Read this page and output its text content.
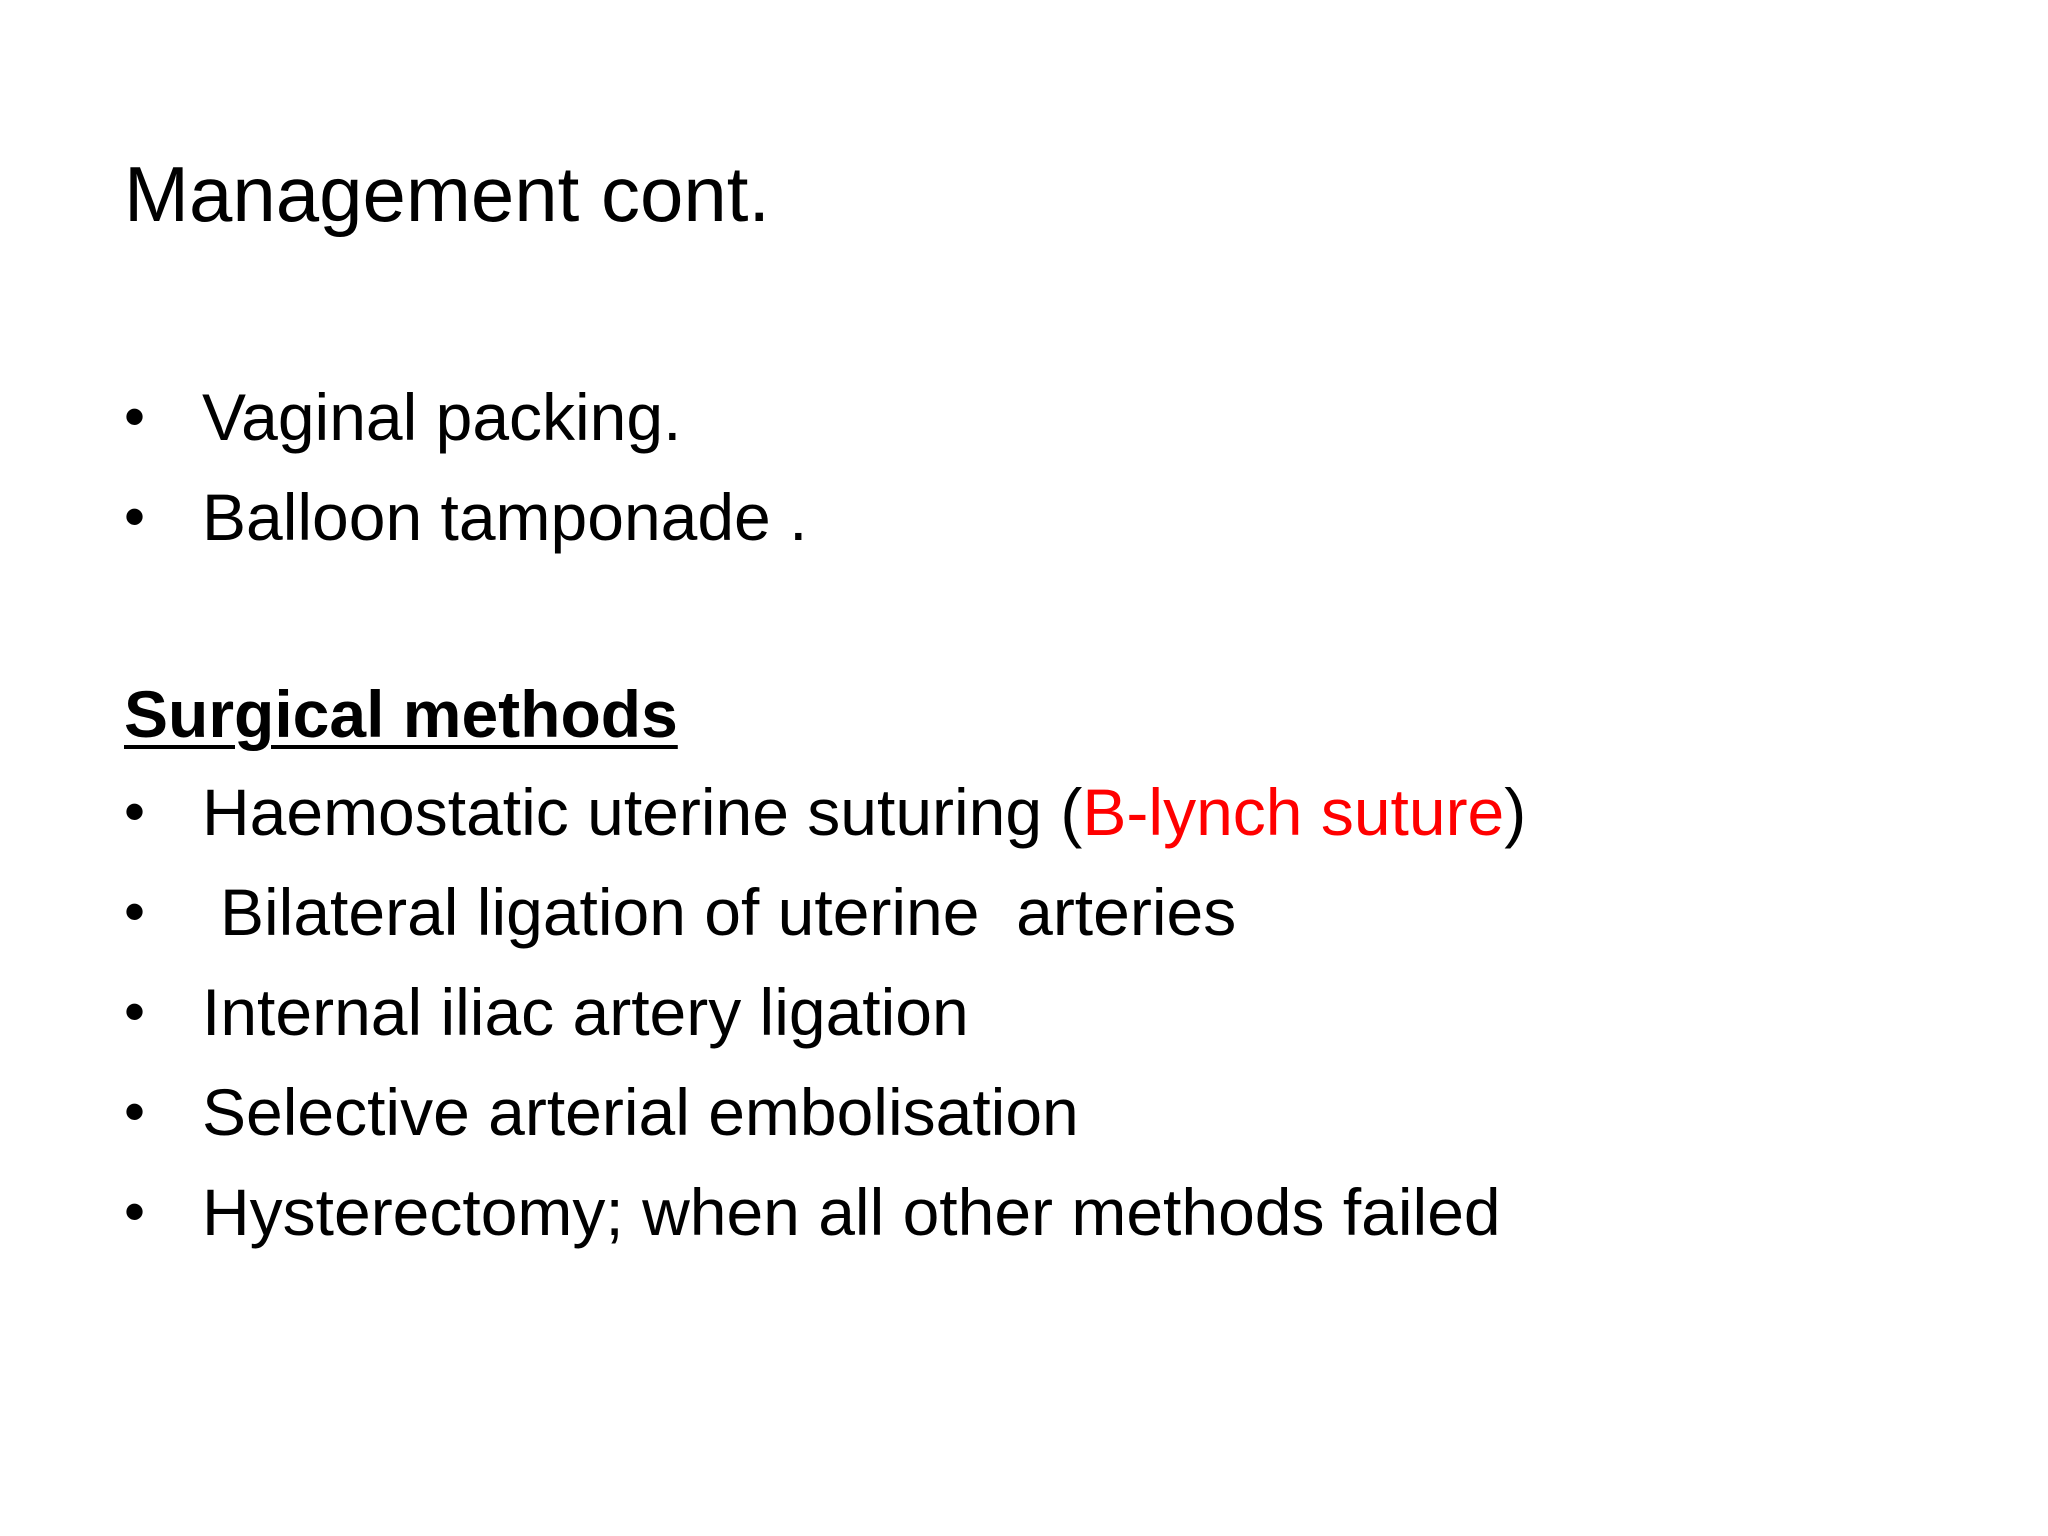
Management cont.
• Vaginal packing.
• Balloon tamponade .
Surgical methods
• Haemostatic uterine suturing (B-lynch suture)
• Bilateral ligation of uterine  arteries
• Internal iliac artery ligation
• Selective arterial embolisation
• Hysterectomy; when all other methods failed
